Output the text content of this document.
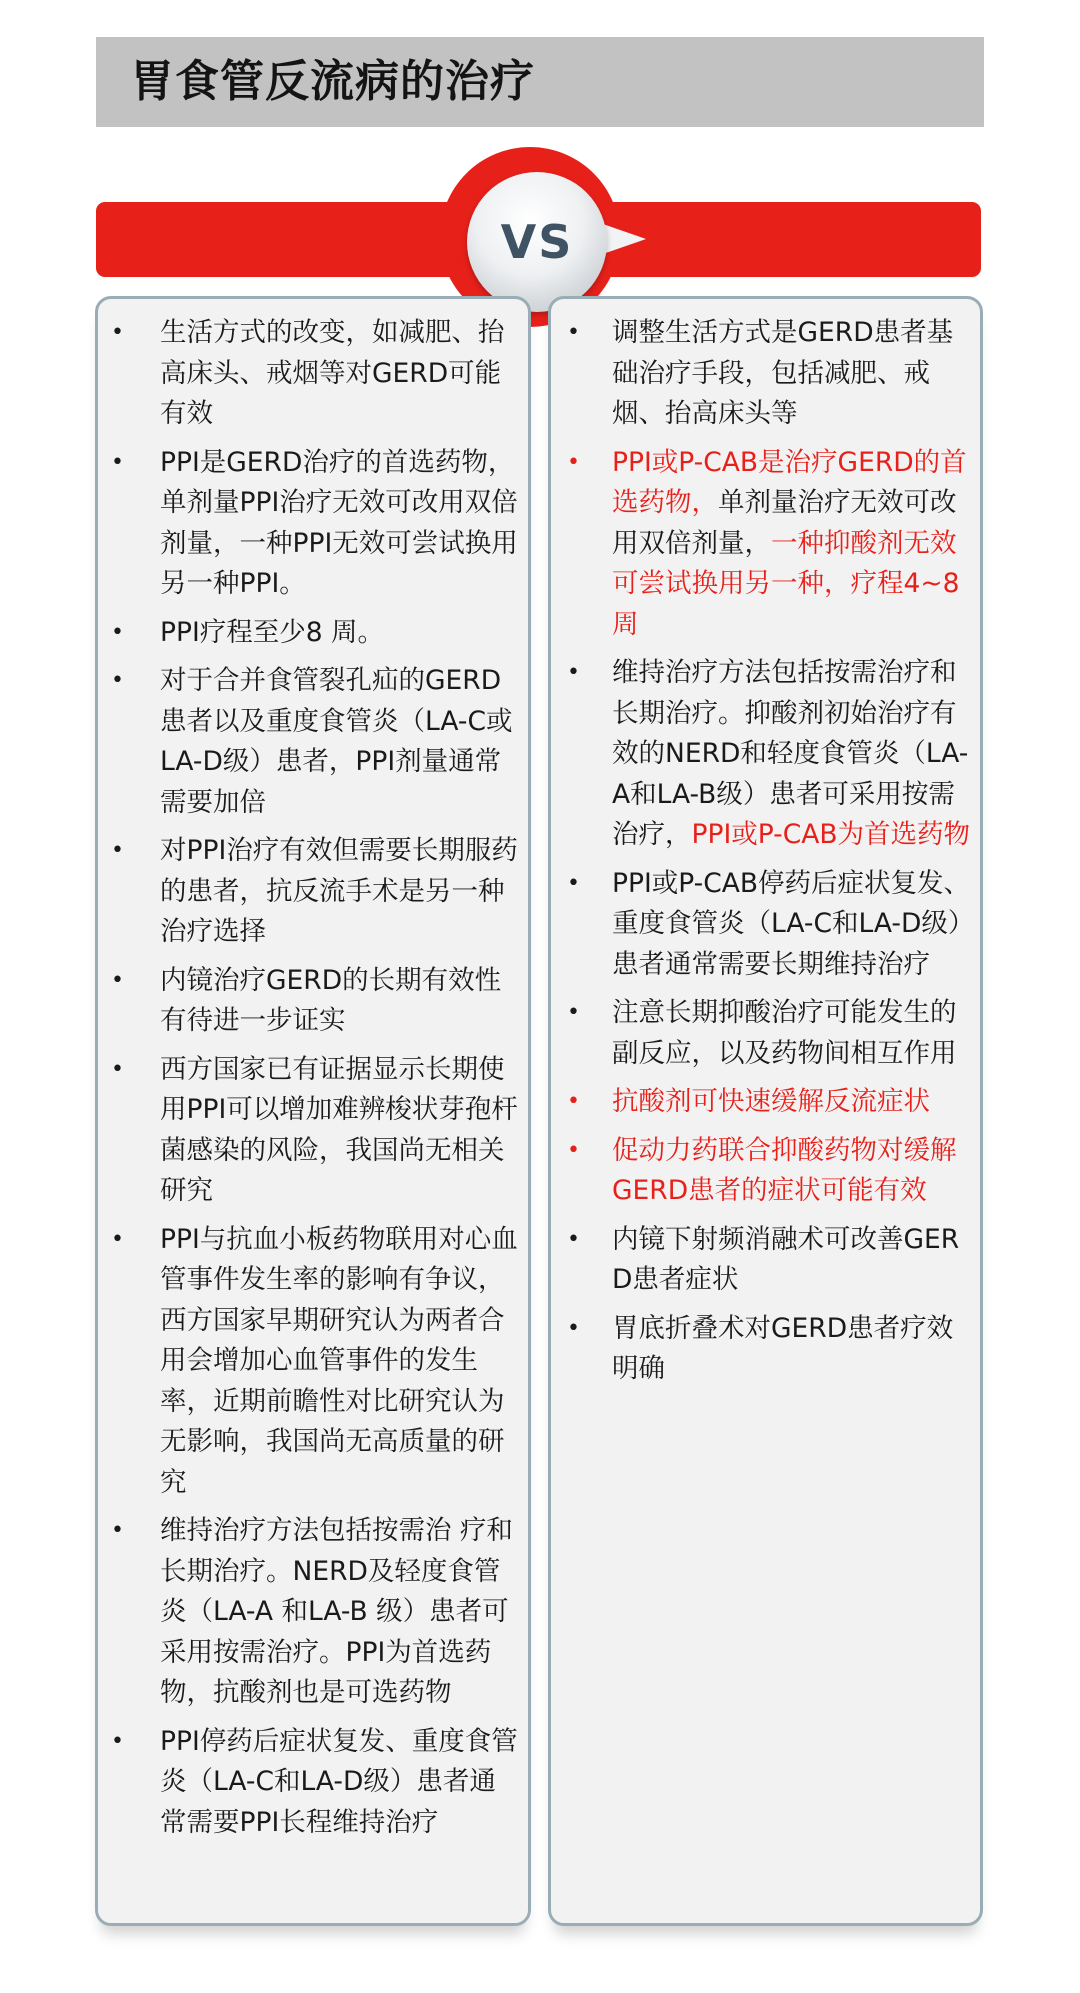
胃食管反流病的治疗
VS
• 生活方式的改变，如减肥、抬高床头、戒烟等对GERD可能有效
• PPI是GERD治疗的首选药物，单剂量PPI治疗无效可改用双倍剂量，一种PPI无效可尝试换用另一种PPI。
• PPI疗程至少8 周。
• 对于合并食管裂孔疝的GERD患者以及重度食管炎（LA-C或LA-D级）患者，PPI剂量通常需要加倍
• 对PPI治疗有效但需要长期服药的患者，抗反流手术是另一种治疗选择
• 内镜治疗GERD的长期有效性有待进一步证实
• 西方国家已有证据显示长期使用PPI可以增加难辨梭状芽孢杆菌感染的风险，我国尚无相关研究
• PPI与抗血小板药物联用对心血管事件发生率的影响有争议，西方国家早期研究认为两者合用会增加心血管事件的发生率，近期前瞻性对比研究认为无影响，我国尚无高质量的研究
• 维持治疗方法包括按需治 疗和长期治疗。NERD及轻度食管炎（LA-A 和LA-B 级）患者可采用按需治疗。PPI为首选药物，抗酸剂也是可选药物
• PPI停药后症状复发、重度食管炎（LA-C和LA-D级）患者通常需要PPI长程维持治疗
• 调整生活方式是GERD患者基础治疗手段，包括减肥、戒烟、抬高床头等
• PPI或P-CAB是治疗GERD的首选药物，单剂量治疗无效可改用双倍剂量，一种抑酸剂无效可尝试换用另一种，疗程4~8周
• 维持治疗方法包括按需治疗和长期治疗。抑酸剂初始治疗有效的NERD和轻度食管炎（LA-A和LA-B级）患者可采用按需治疗，PPI或P-CAB为首选药物
• PPI或P-CAB停药后症状复发、重度食管炎（LA-C和LA-D级）患者通常需要长期维持治疗
• 注意长期抑酸治疗可能发生的副反应，以及药物间相互作用
• 抗酸剂可快速缓解反流症状
• 促动力药联合抑酸药物对缓解GERD患者的症状可能有效
• 内镜下射频消融术可改善GERD患者症状
• 胃底折叠术对GERD患者疗效明确
